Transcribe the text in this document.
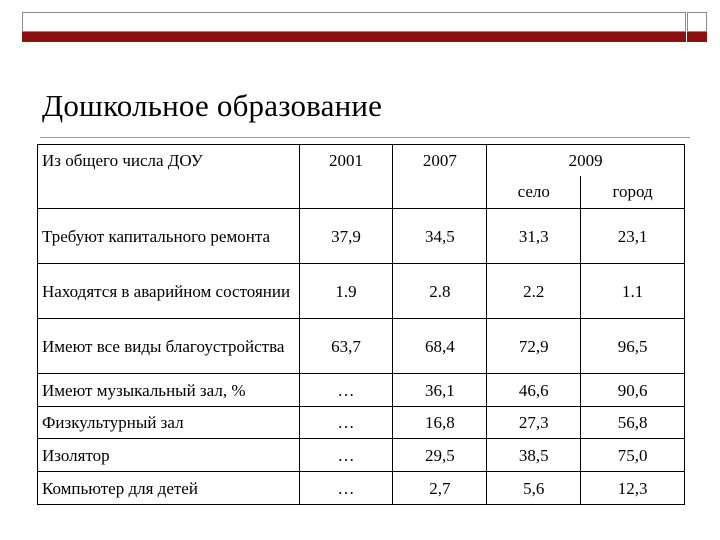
Дошкольное образование
Из общего числа ДОУ	2001	2007	2009	
			село	город
Требуют капитального ремонта	37,9	34,5	31,3	23,1
Находятся в аварийном состоянии	1.9	2.8	2.2	1.1
Имеют все виды благоустройства	63,7	68,4	72,9	96,5
Имеют музыкальный зал, %	…	36,1	46,6	90,6
Физкультурный зал	…	16,8	27,3	56,8
Изолятор	…	29,5	38,5	75,0
Компьютер для детей	…	2,7	5,6	12,3
